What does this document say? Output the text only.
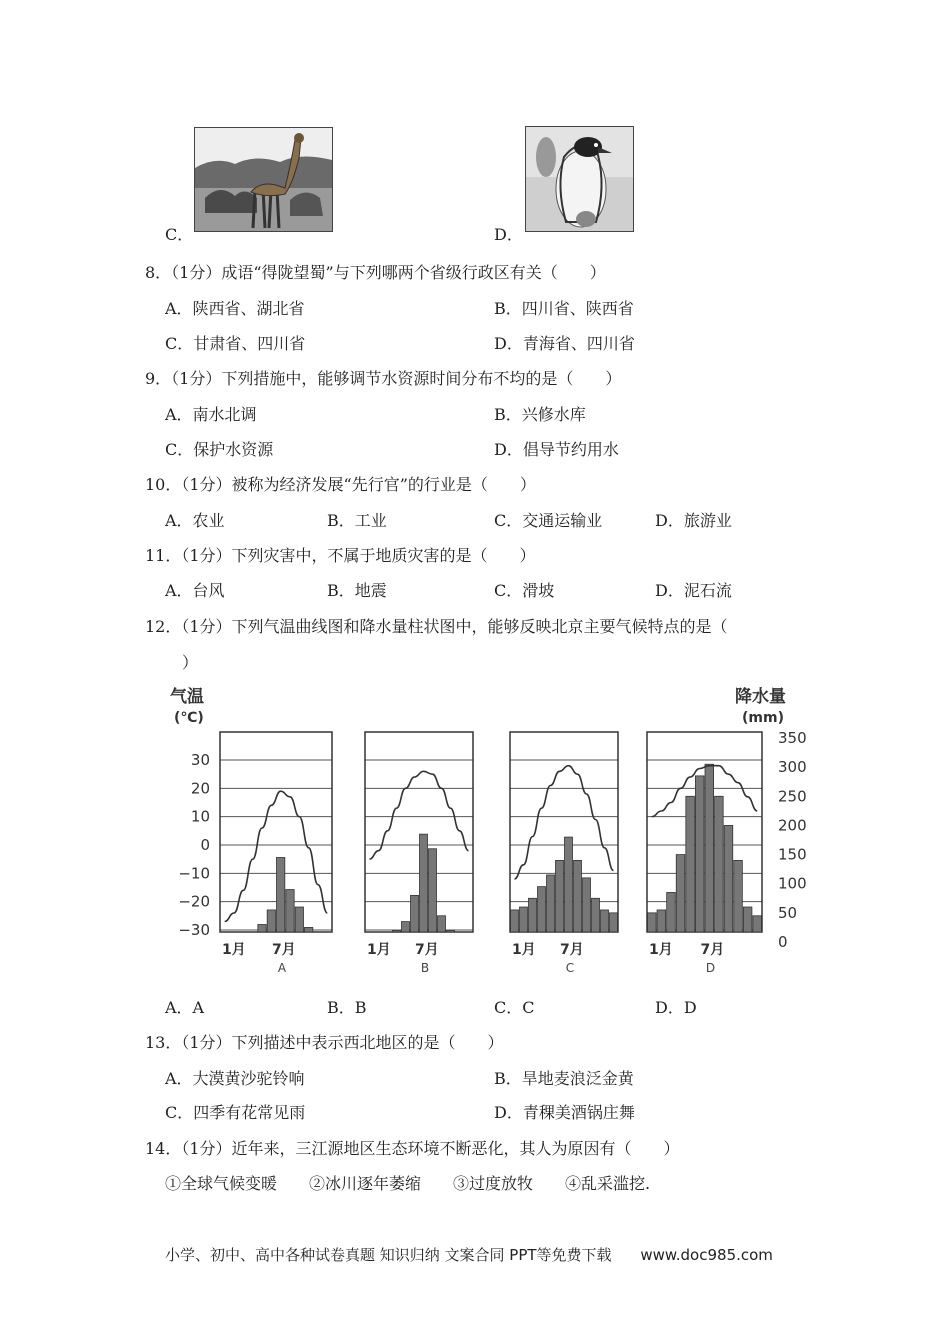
C．	D．
8．（1分）成语“得陇望蜀”与下列哪两个省级行政区有关（　　）
A．陕西省、湖北省	B．四川省、陕西省
C．甘肃省、四川省	D．青海省、四川省
9．（1分）下列措施中，能够调节水资源时间分布不均的是（　　）
A．南水北调	B．兴修水库
C．保护水资源	D．倡导节约用水
10．（1分）被称为经济发展“先行官”的行业是（　　）
A．农业	B．工业	C．交通运输业	D．旅游业
11．（1分）下列灾害中，不属于地质灾害的是（　　）
A．台风	B．地震	C．滑坡	D．泥石流
12．（1分）下列气温曲线图和降水量柱状图中，能够反映北京主要气候特点的是（
）
气温
(℃)
降水量
(mm)
30
20
10
0
−10
−20
−30
350
300
250
200
150
100
50
0
1月 7月
A
1月 7月
B
1月 7月
C
1月 7月
D
A．A	B．B	C．C	D．D
13．（1分）下列描述中表示西北地区的是（　　）
A．大漠黄沙驼铃响	B．旱地麦浪泛金黄
C．四季有花常见雨	D．青稞美酒锅庄舞
14．（1分）近年来，三江源地区生态环境不断恶化，其人为原因有（　　）
①全球气候变暖　　②冰川逐年萎缩　　③过度放牧　　④乱采滥挖.
小学、初中、高中各种试卷真题 知识归纳 文案合同 PPT等免费下载 www.doc985.com
